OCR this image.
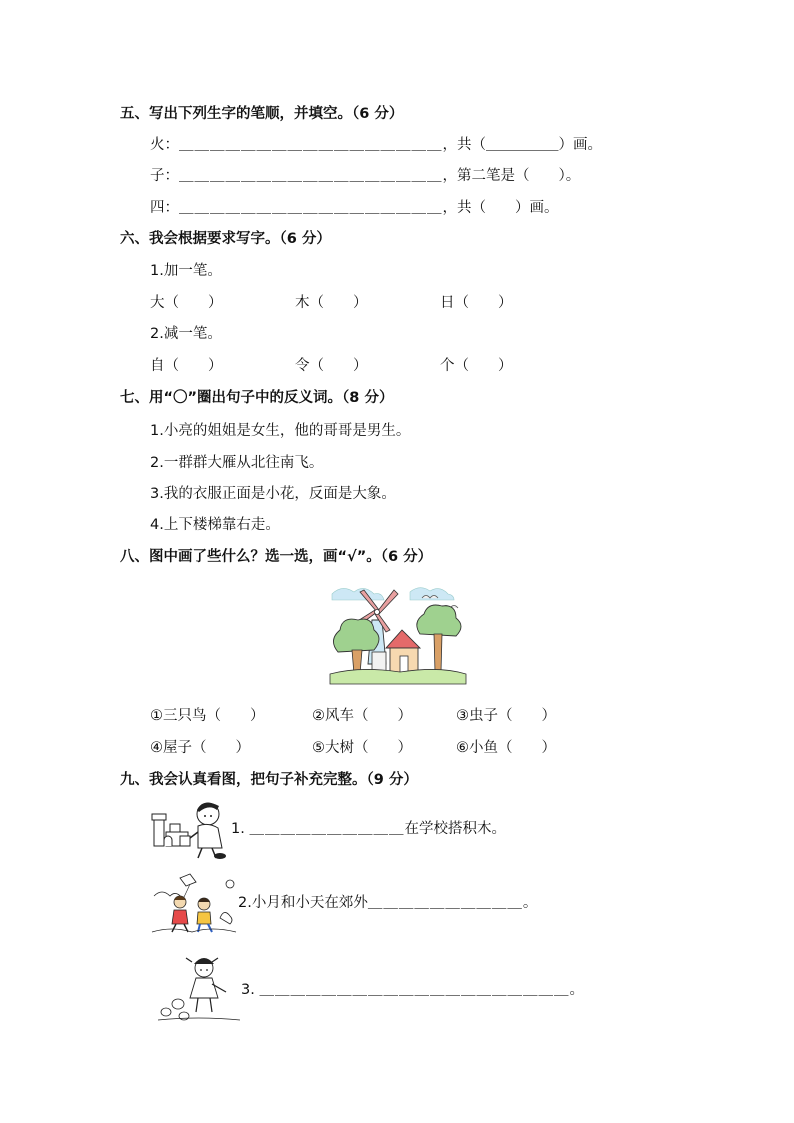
五、写出下列生字的笔顺，并填空。（6 分）
火：＿＿＿＿＿＿＿＿＿＿＿＿＿＿＿＿＿，共（＿＿＿＿＿）画。
子：＿＿＿＿＿＿＿＿＿＿＿＿＿＿＿＿＿，第二笔是（　　）。
四：＿＿＿＿＿＿＿＿＿＿＿＿＿＿＿＿＿，共（　　）画。
六、我会根据要求写字。（6 分）
1.加一笔。
大（　　）	木（　　）	日（　　）
2.减一笔。
自（　　）	令（　　）	个（　　）
七、用“〇”圈出句子中的反义词。（8 分）
1.小亮的姐姐是女生，他的哥哥是男生。
2.一群群大雁从北往南飞。
3.我的衣服正面是小花，反面是大象。
4.上下楼梯靠右走。
八、图中画了些什么？选一选，画“√”。（6 分）
①三只鸟（　　）	②风车（　　）	③虫子（　　）
④屋子（　　）	⑤大树（　　）	⑥小鱼（　　）
九、我会认真看图，把句子补充完整。（9 分）
1. ＿＿＿＿＿＿＿＿＿＿在学校搭积木。
2.小月和小天在郊外＿＿＿＿＿＿＿＿＿＿。
3. ＿＿＿＿＿＿＿＿＿＿＿＿＿＿＿＿＿＿＿＿。
